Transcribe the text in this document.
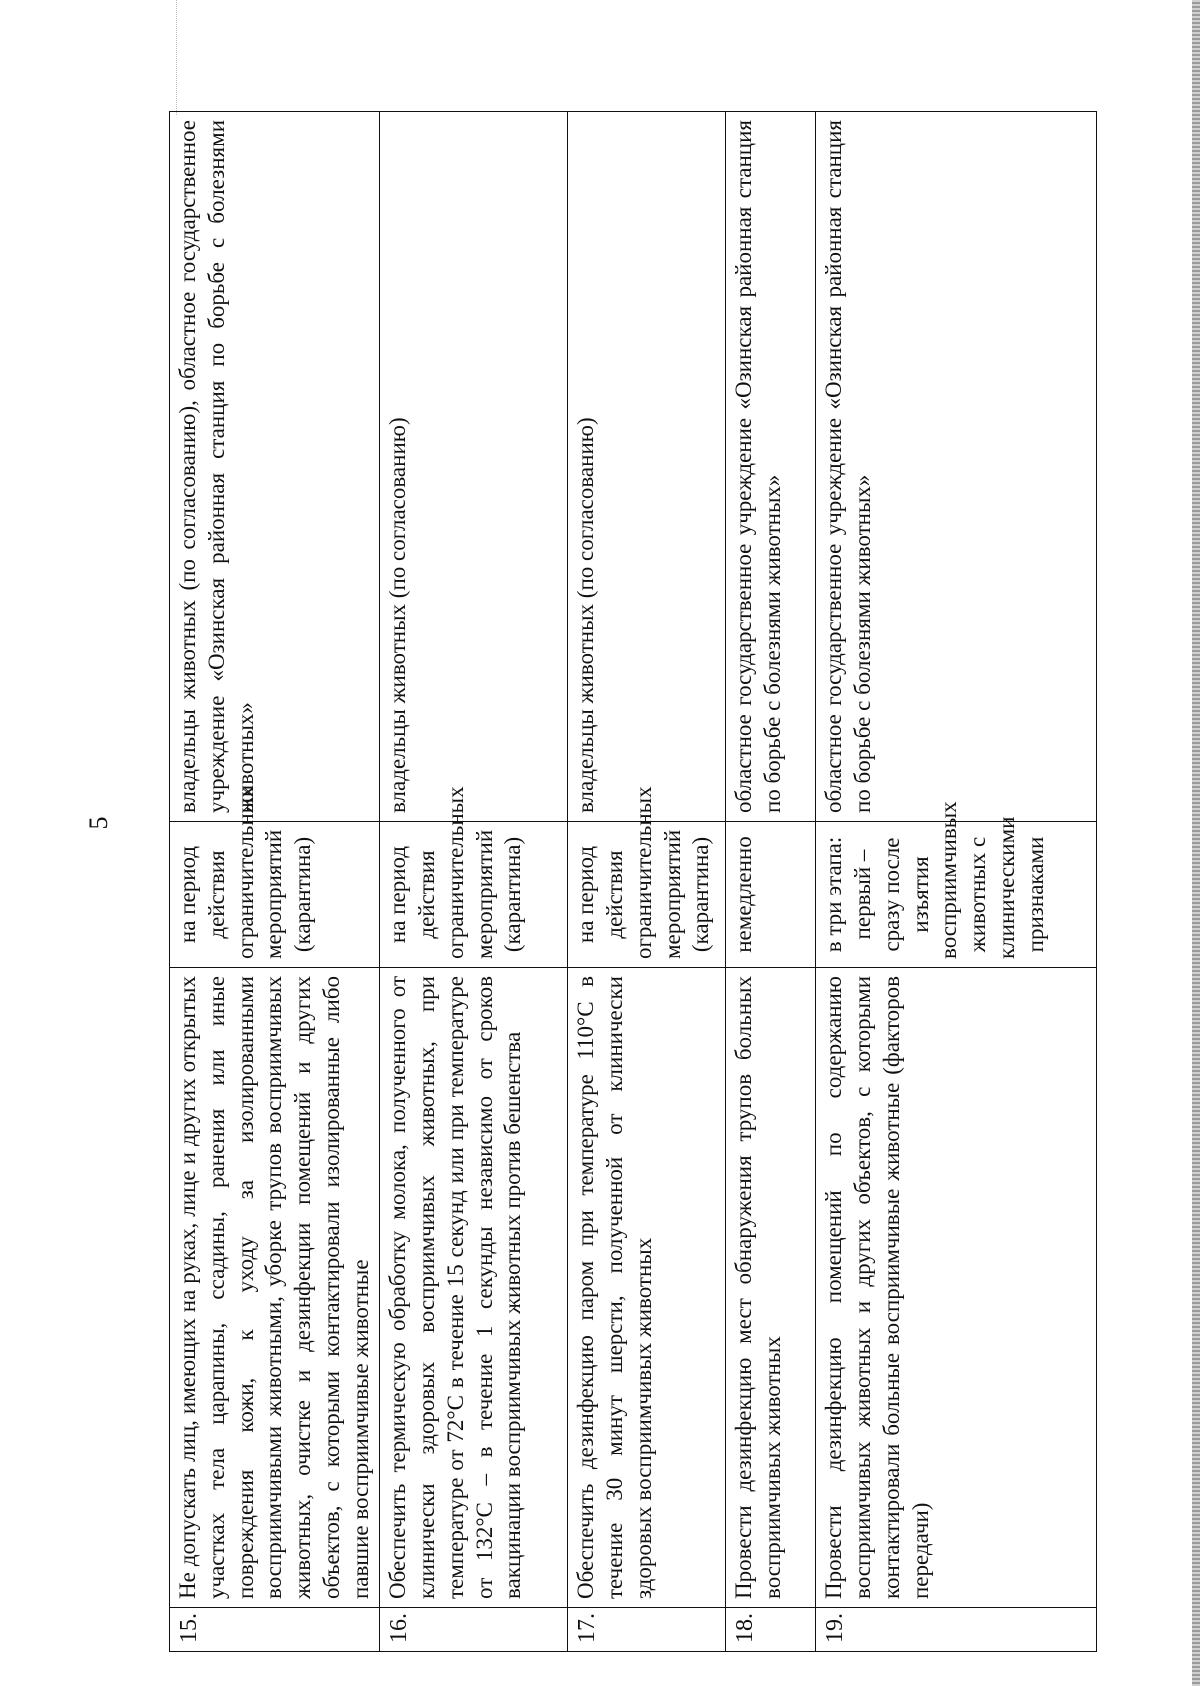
5
15.	Не допускать лиц, имеющих на руках, лице и других открытых участках тела царапины, ссадины, ранения или иные повреждения кожи, к уходу за изолированными восприимчивыми животными, уборке трупов восприимчивых животных, очистке и дезинфекции помещений и других объектов, с которыми контактировали изолированные либо павшие восприимчивые животные	на период действия ограничительных мероприятий (карантина)	владельцы животных (по согласованию), областное государственное учреждение «Озинская районная станция по борьбе с болезнями животных»
16.	Обеспечить термическую обработку молока, полученного от клинически здоровых восприимчивых животных, при температуре от 72°С в течение 15 секунд или при температуре от 132°С – в течение 1 секунды независимо от сроков вакцинации восприимчивых животных против бешенства	на период действия ограничительных мероприятий (карантина)	владельцы животных (по согласованию)
17.	Обеспечить дезинфекцию паром при температуре 110°С в течение 30 минут шерсти, полученной от клинически здоровых восприимчивых животных	на период действия ограничительных мероприятий (карантина)	владельцы животных (по согласованию)
18.	Провести дезинфекцию мест обнаружения трупов больных восприимчивых животных	немедленно	областное государственное учреждение «Озинская районная станция по борьбе с болезнями животных»
19.	Провести дезинфекцию помещений по содержанию восприимчивых животных и других объектов, с которыми контактировали больные восприимчивые животные (факторов передачи)	в три этапа: первый – сразу после изъятия восприимчивых животных с клиническими признаками	областное государственное учреждение «Озинская районная станция по борьбе с болезнями животных»
